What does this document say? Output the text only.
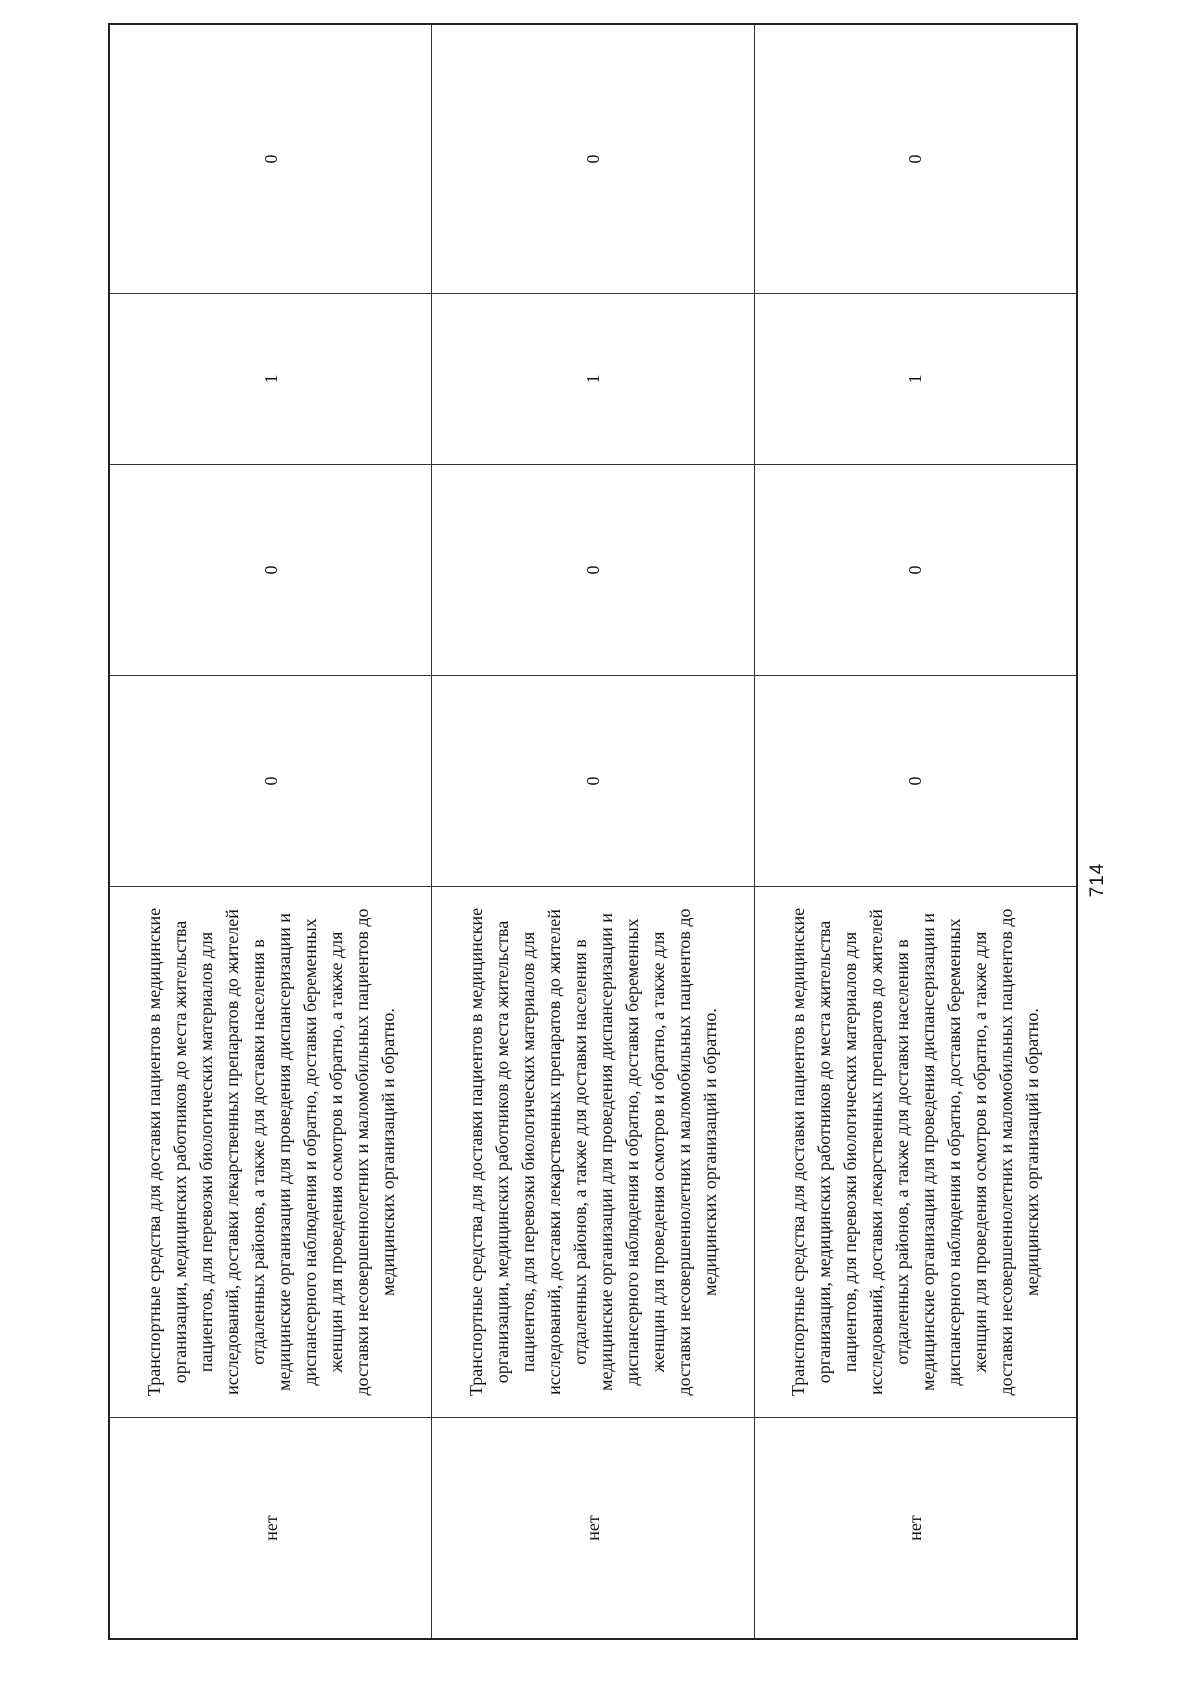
нет	Транспортные средства для доставки пациентов в медицинские организации, медицинских работников до места жительства пациентов, для перевозки биологических материалов для исследований, доставки лекарственных препаратов до жителей отдаленных районов, а также для доставки населения в медицинские организации для проведения диспансеризации и диспансерного наблюдения и обратно, доставки беременных женщин для проведения осмотров и обратно, а также для доставки несовершеннолетних и маломобильных пациентов до медицинских организаций и обратно.	0	0	1	0
нет	Транспортные средства для доставки пациентов в медицинские организации, медицинских работников до места жительства пациентов, для перевозки биологических материалов для исследований, доставки лекарственных препаратов до жителей отдаленных районов, а также для доставки населения в медицинские организации для проведения диспансеризации и диспансерного наблюдения и обратно, доставки беременных женщин для проведения осмотров и обратно, а также для доставки несовершеннолетних и маломобильных пациентов до медицинских организаций и обратно.	0	0	1	0
нет	Транспортные средства для доставки пациентов в медицинские организации, медицинских работников до места жительства пациентов, для перевозки биологических материалов для исследований, доставки лекарственных препаратов до жителей отдаленных районов, а также для доставки населения в медицинские организации для проведения диспансеризации и диспансерного наблюдения и обратно, доставки беременных женщин для проведения осмотров и обратно, а также для доставки несовершеннолетних и маломобильных пациентов до медицинских организаций и обратно.	0	0	1	0
714
